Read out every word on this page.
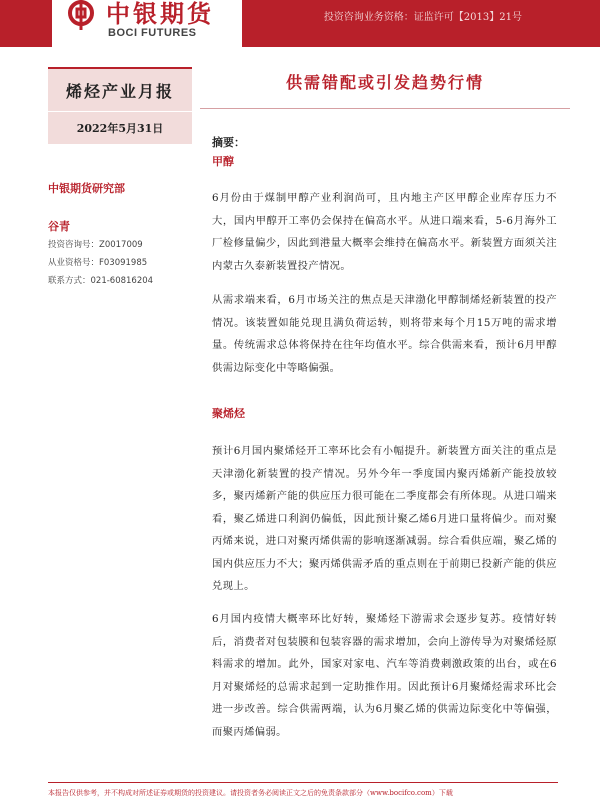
中银期货
BOCI FUTURES
投资咨询业务资格：证监许可【2013】21号
烯烃产业月报
2022年5月31日
供需错配或引发趋势行情
中银期货研究部
谷青
投资咨询号：Z0017009
从业资格号：F03091985
联系方式：021-60816204
摘要：
甲醇

6月份由于煤制甲醇产业利润尚可，且内地主产区甲醇企业库存压力不大，国内甲醇开工率仍会保持在偏高水平。从进口端来看，5-6月海外工厂检修量偏少，因此到港量大概率会维持在偏高水平。新装置方面须关注内蒙古久泰新装置投产情况。

从需求端来看，6月市场关注的焦点是天津渤化甲醇制烯烃新装置的投产情况。该装置如能兑现且满负荷运转，则将带来每个月15万吨的需求增量。传统需求总体将保持在往年均值水平。综合供需来看，预计6月甲醇供需边际变化中等略偏强。

聚烯烃

预计6月国内聚烯烃开工率环比会有小幅提升。新装置方面关注的重点是天津渤化新装置的投产情况。另外今年一季度国内聚丙烯新产能投放较多，聚丙烯新产能的供应压力很可能在二季度都会有所体现。从进口端来看，聚乙烯进口利润仍偏低，因此预计聚乙烯6月进口量将偏少。而对聚丙烯来说，进口对聚丙烯供需的影响逐渐减弱。综合看供应端，聚乙烯的国内供应压力不大；聚丙烯供需矛盾的重点则在于前期已投新产能的供应兑现上。

6月国内疫情大概率环比好转，聚烯烃下游需求会逐步复苏。疫情好转后，消费者对包装膜和包装容器的需求增加，会向上游传导为对聚烯烃原料需求的增加。此外，国家对家电、汽车等消费刺激政策的出台，或在6月对聚烯烃的总需求起到一定助推作用。因此预计6月聚烯烃需求环比会进一步改善。综合供需两端，认为6月聚乙烯的供需边际变化中等偏强，而聚丙烯偏弱。

本报告仅供参考，并不构成对所述证券或期货的投资建议。请投资者务必阅读正文之后的免责条款部分（www.bocifco.com）下载
